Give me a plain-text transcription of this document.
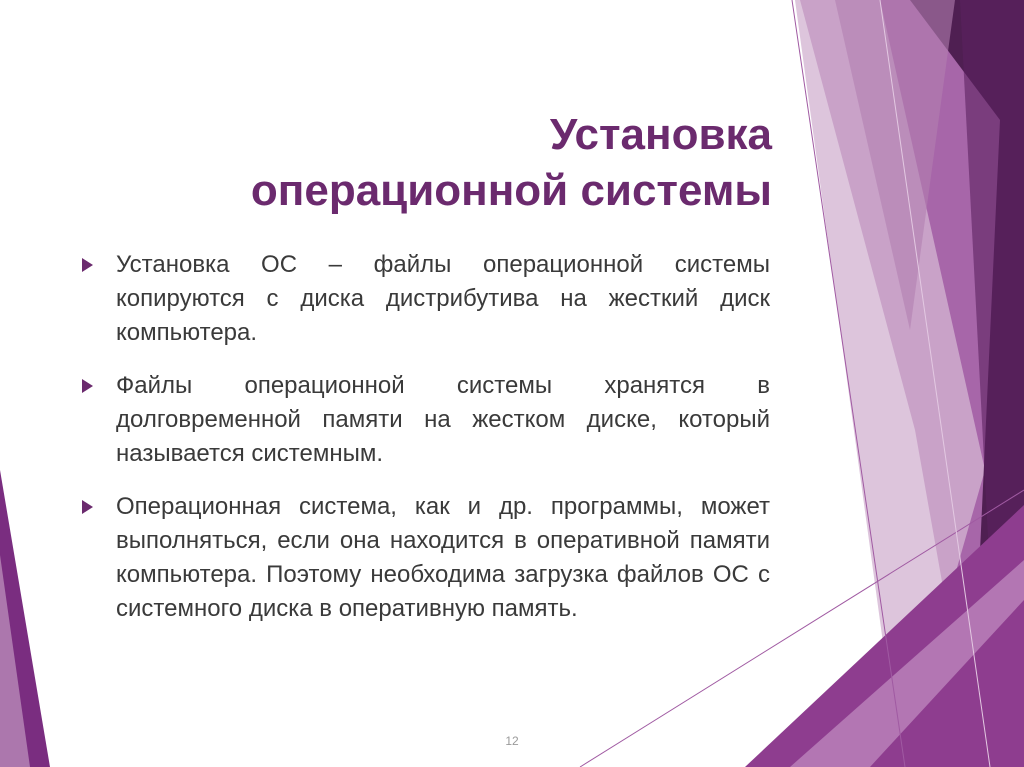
Установка
операционной системы
Установка ОС – файлы операционной системы копируются с диска дистрибутива на жесткий диск компьютера.
Файлы операционной системы хранятся в долговременной памяти на жестком диске, который называется системным.
Операционная система, как и др. программы, может выполняться, если она находится в оперативной памяти компьютера. Поэтому необходима загрузка файлов ОС с системного диска в оперативную память.
12
